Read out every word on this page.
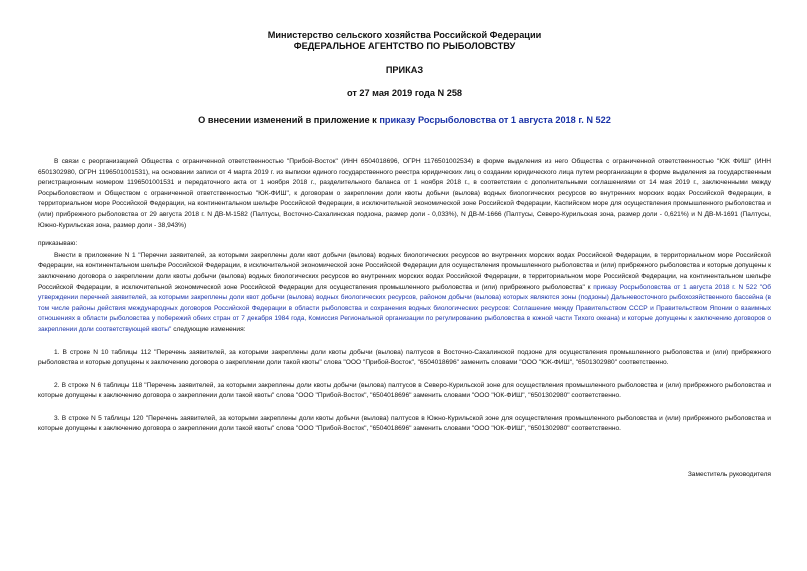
Министерство сельского хозяйства Российской Федерации

ФЕДЕРАЛЬНОЕ АГЕНТСТВО ПО РЫБОЛОВСТВУ

ПРИКАЗ

от 27 мая 2019 года N 258

О внесении изменений в приложение к приказу Росрыболовства от 1 августа 2018 г. N 522

В связи с реорганизацией Общества с ограниченной ответственностью "Прибой-Восток" (ИНН 6504018696, ОГРН 1176501002534) в форме выделения из него Общества с ограниченной ответственностью "ЮК ФИШ" (ИНН 6501302980, ОГРН 1196501001531), на основании записи от 4 марта 2019 г. из выписки единого государственного реестра юридических лиц о создании юридического лица путем реорганизации в форме выделения за государственным регистрационным номером 1196501001531 и передаточного акта от 1 ноября 2018 г., разделительного баланса от 1 ноября 2018 г., в соответствии с дополнительными соглашениями от 14 мая 2019 г., заключенными между Росрыболовством и Обществом с ограниченной ответственностью "ЮК-ФИШ", к договорам о закреплении доли квоты добычи (вылова) водных биологических ресурсов во внутренних морских водах Российской Федерации, в территориальном море Российской Федерации, на континентальном шельфе Российской Федерации, в исключительной экономической зоне Российской Федерации, Каспийском море для осуществления промышленного рыболовства и (или) прибрежного рыболовства от 29 августа 2018 г. N ДВ-М-1582 (Палтусы, Восточно-Сахалинская подзона, размер доли - 0,033%), N ДВ-М-1666 (Палтусы, Северо-Курильская зона, размер доли - 0,621%) и N ДВ-М-1691 (Палтусы, Южно-Курильская зона, размер доли - 38,943%)

приказываю:

Внести в приложение N 1 "Перечни заявителей, за которыми закреплены доли квот добычи (вылова) водных биологических ресурсов во внутренних морских водах Российской Федерации, в территориальном море Российской Федерации, на континентальном шельфе Российской Федерации, в исключительной экономической зоне Российской Федерации для осуществления промышленного рыболовства и (или) прибрежного рыболовства и которые допущены к заключению договора о закреплении доли квоты добычи (вылова) водных биологических ресурсов во внутренних морских водах Российской Федерации, в территориальном море Российской Федерации, на континентальном шельфе Российской Федерации, в исключительной экономической зоне Российской Федерации для осуществления промышленного рыболовства и (или) прибрежного рыболовства" к приказу Росрыболовства от 1 августа 2018 г. N 522 "Об утверждении перечней заявителей, за которыми закреплены доли квот добычи (вылова) водных биологических ресурсов, районом добычи (вылова) которых являются зоны (подзоны) Дальневосточного рыбохозяйственного бассейна (в том числе районы действия международных договоров Российской Федерации в области рыболовства и сохранения водных биологических ресурсов: Соглашение между Правительством СССР и Правительством Японии о взаимных отношениях в области рыболовства у побережий обеих стран от 7 декабря 1984 года, Комиссия Региональной организации по регулированию рыболовства в южной части Тихого океана) и которые допущены к заключению договоров о закреплении доли соответствующей квоты" следующие изменения:

1. В строке N 10 таблицы 112 "Перечень заявителей, за которыми закреплены доли квоты добычи (вылова) палтусов в Восточно-Сахалинской подзоне для осуществления промышленного рыболовства и (или) прибрежного рыболовства и которые допущены к заключению договора о закреплении доли такой квоты" слова "ООО "Прибой-Восток", "6504018696" заменить словами "ООО "ЮК-ФИШ", "6501302980" соответственно.

2. В строке N 6 таблицы 118 "Перечень заявителей, за которыми закреплены доли квоты добычи (вылова) палтусов в Северо-Курильской зоне для осуществления промышленного рыболовства и (или) прибрежного рыболовства и которые допущены к заключению договора о закреплении доли такой квоты" слова "ООО "Прибой-Восток", "6504018696" заменить словами "ООО "ЮК-ФИШ", "6501302980" соответственно.

3. В строке N 5 таблицы 120 "Перечень заявителей, за которыми закреплены доли квоты добычи (вылова) палтусов в Южно-Курильской зоне для осуществления промышленного рыболовства и (или) прибрежного рыболовства и которые допущены к заключению договора о закреплении доли такой квоты" слова "ООО "Прибой-Восток", "6504018696" заменить словами "ООО "ЮК-ФИШ", "6501302980" соответственно.

Заместитель руководителя
